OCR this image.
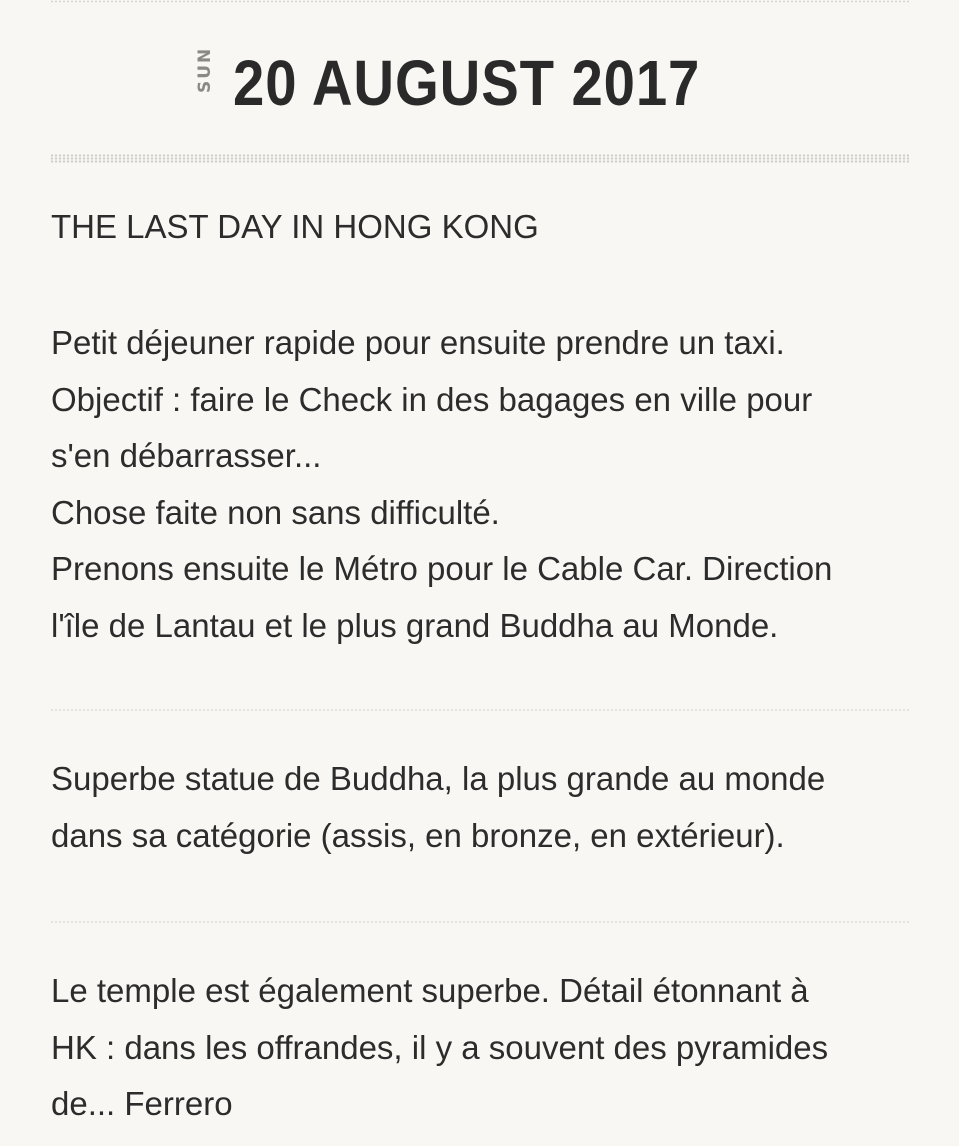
SUN 20 AUGUST 2017
THE LAST DAY IN HONG KONG
Petit déjeuner rapide pour ensuite prendre un taxi.
Objectif : faire le Check in des bagages en ville pour
s'en débarrasser...
Chose faite non sans difficulté.
Prenons ensuite le Métro pour le Cable Car. Direction
l'île de Lantau et le plus grand Buddha au Monde.
Superbe statue de Buddha, la plus grande au monde
dans sa catégorie (assis, en bronze, en extérieur).
Le temple est également superbe. Détail étonnant à
HK : dans les offrandes, il y a souvent des pyramides
de... Ferrero
